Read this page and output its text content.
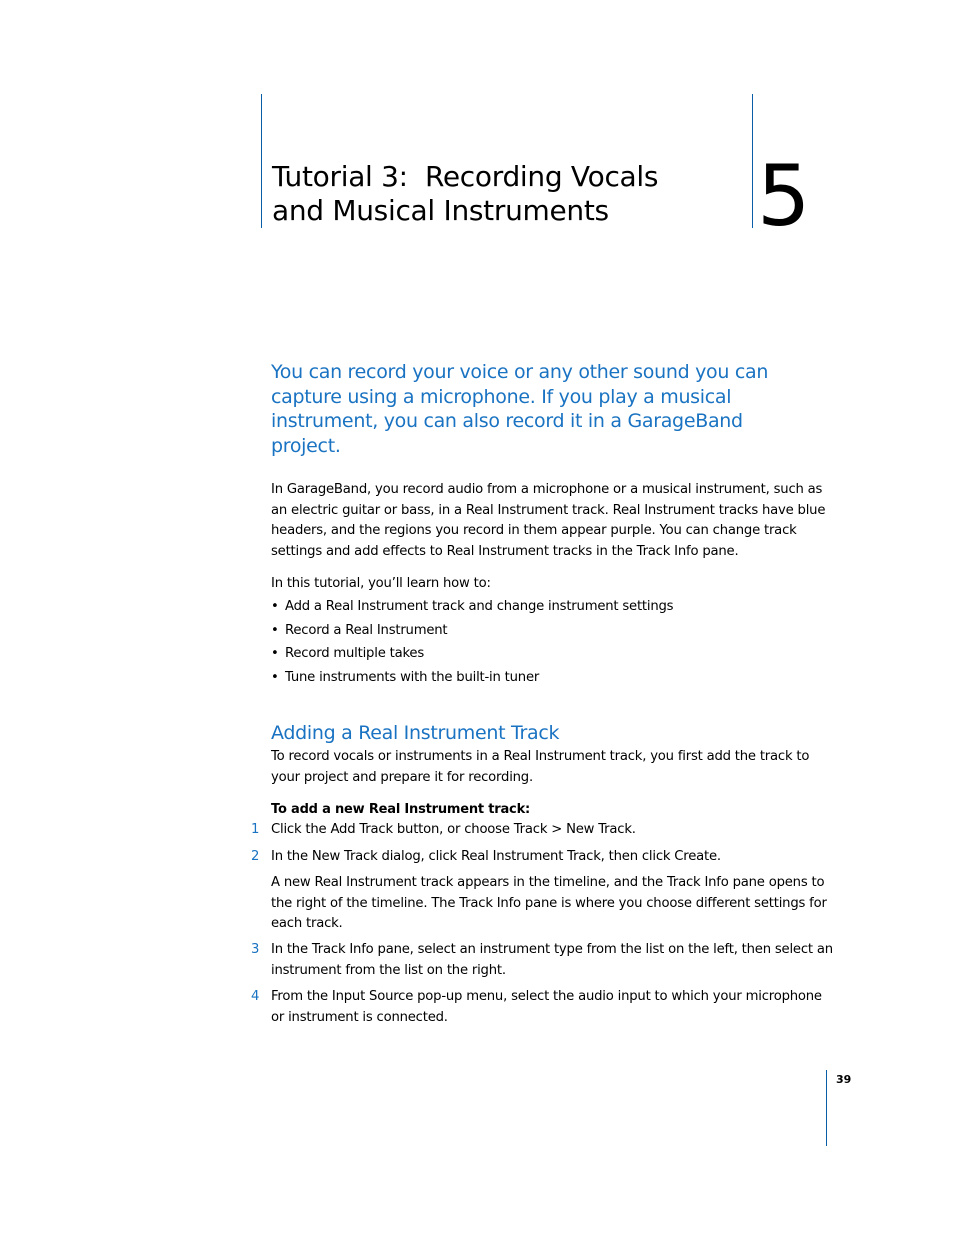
Tutorial 3:  Recording Vocals
and Musical Instruments	5

You can record your voice or any other sound you can
capture using a microphone. If you play a musical
instrument, you can also record it in a GarageBand
project.

In GarageBand, you record audio from a microphone or a musical instrument, such as
an electric guitar or bass, in a Real Instrument track. Real Instrument tracks have blue
headers, and the regions you record in them appear purple. You can change track
settings and add effects to Real Instrument tracks in the Track Info pane.

In this tutorial, you’ll learn how to:

• Add a Real Instrument track and change instrument settings
• Record a Real Instrument
• Record multiple takes
• Tune instruments with the built-in tuner
Adding a Real Instrument Track

To record vocals or instruments in a Real Instrument track, you first add the track to
your project and prepare it for recording.

To add a new Real Instrument track:
1 Click the Add Track button, or choose Track > New Track.

2 In the New Track dialog, click Real Instrument Track, then click Create.

A new Real Instrument track appears in the timeline, and the Track Info pane opens to
the right of the timeline. The Track Info pane is where you choose different settings for
each track.

3 In the Track Info pane, select an instrument type from the list on the left, then select an
instrument from the list on the right.

4 From the Input Source pop-up menu, select the audio input to which your microphone
or instrument is connected.

39
